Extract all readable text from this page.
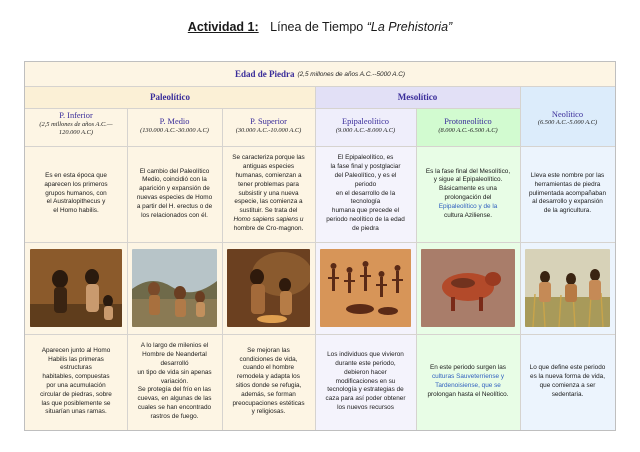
Actividad 1: Línea de Tiempo “La Prehistoria”
Edad de Piedra (2,5 millones de años A.C.--5000 A.C)
Paleolítico	Mesolítico
Neolítico
(6.500 A.C.-5.000 A.C)
P. Inferior
(2,5 millones de años A.C.—120.000 A.C)
P. Medio
(130.000 A.C.-30.000 A.C)
P. Superior
(30.000 A.C.-10.000 A.C)
Epipaleolítico
(9.000 A.C.-8.000 A.C)
Protoneolítico
(8.000 A.C.-6.500 A.C)
Es en esta época que
aparecen los primeros
grupos humanos, con
el Australopithecus y
el Homo habilis.
El cambio del Paleolítico
Medio, coincidió con la
aparición y expansión de
nuevas especies de Homo
a partir del H. erectus o de
los relacionados con él.
Se caracteriza porque las
antiguas especies
humanas, comienzan a
tener problemas para
subsistir y una nueva
especie, las comienza a
sustituir. Se trata del
Homo sapiens sapiens u
hombre de Cro-magnon.
El Epipaleolítico, es
la fase final y postglaciar
del Paleolítico, y es el
periodo
en el desarrollo de la
tecnología
humana que precede el
periodo neolítico de la edad
de piedra
Es la fase final del Mesolítico,
y sigue al Epipaleolítico.
Básicamente es una
prolongación del
Epipaleolítico y de la
cultura Aziliense.
Lleva este nombre por las
herramientas de piedra
pulimentada acompañaban
al desarrollo y expansión
de la agricultura.
Aparecen junto al Homo
Habilis las primeras
estructuras
habitables, compuestas
por una acumulación
circular de piedras, sobre
las que posiblemente se
situarían unas ramas.
A lo largo de milenios el
Hombre de Neandertal
desarrolló
un tipo de vida sin apenas
variación.
Se protegía del frío en las
cuevas, en algunas de las
cuales se han encontrado
rastros de fuego.
Se mejoran las
condiciones de vida,
cuando el hombre
remodela y adapta los
sitios donde se refugia,
además, se forman
preocupaciones estéticas
y religiosas.
Los individuos que vivieron
durante este periodo,
debieron hacer
modificaciones en su
tecnología y estrategias de
caza para así poder obtener
los nuevos recursos
En este periodo surgen las
culturas Sauveterriense y
Tardenoisiense, que se
prolongan hasta el Neolítico.
Lo que define este periodo
es la nueva forma de vida,
que comienza a ser
sedentaria.
